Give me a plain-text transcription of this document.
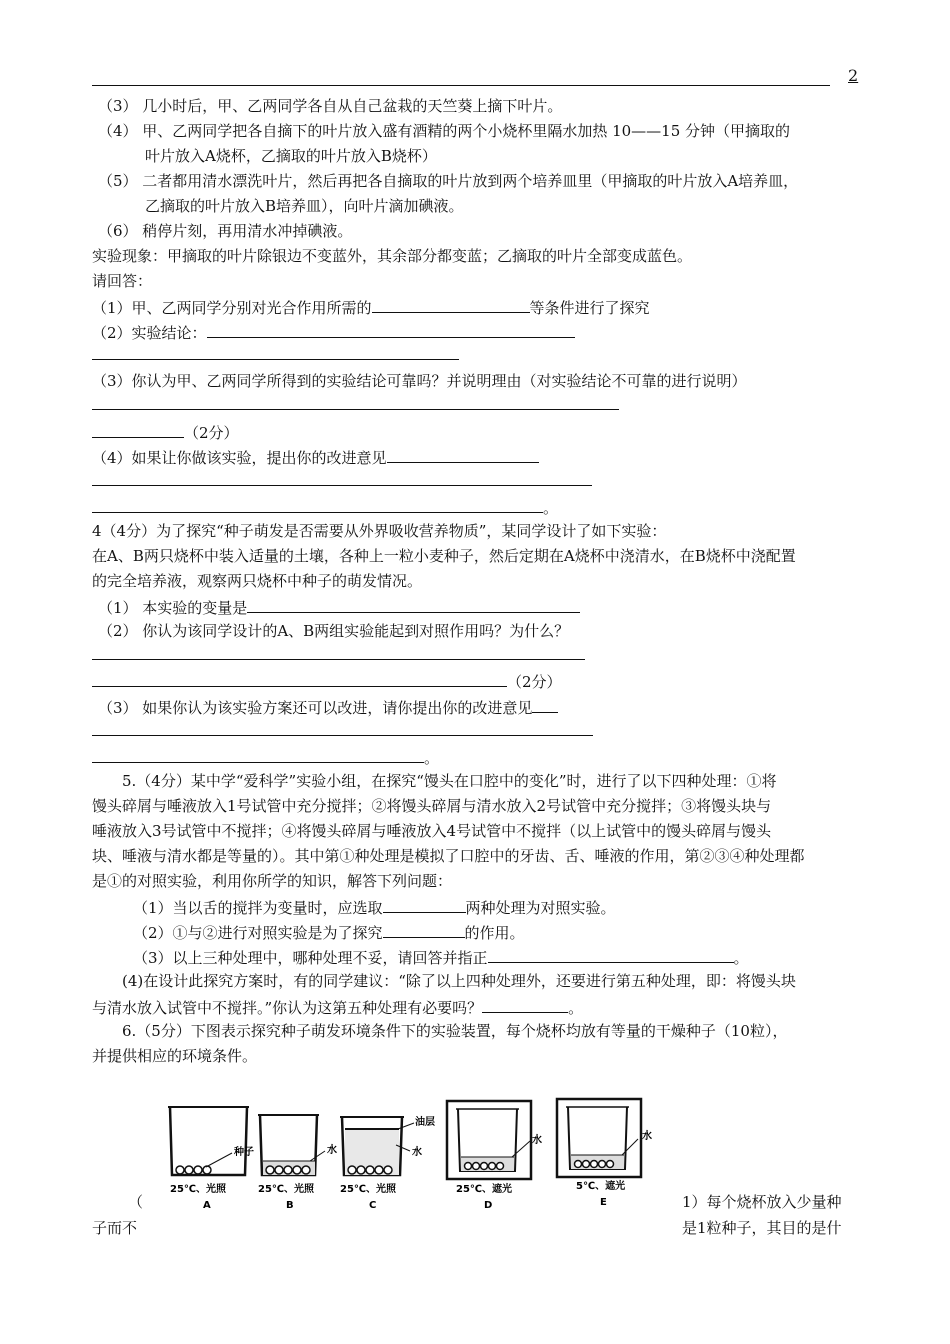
2
（3） 几小时后，甲、乙两同学各自从自己盆栽的天竺葵上摘下叶片。
（4） 甲、乙两同学把各自摘下的叶片放入盛有酒精的两个小烧杯里隔水加热 10——15 分钟（甲摘取的
叶片放入A烧杯，乙摘取的叶片放入B烧杯）
（5） 二者都用清水漂洗叶片，然后再把各自摘取的叶片放到两个培养皿里（甲摘取的叶片放入A培养皿，
乙摘取的叶片放入B培养皿），向叶片滴加碘液。
（6） 稍停片刻，再用清水冲掉碘液。
实验现象：甲摘取的叶片除银边不变蓝外，其余部分都变蓝；乙摘取的叶片全部变成蓝色。
请回答：
（1）甲、乙两同学分别对光合作用所需的	等条件进行了探究
（2）实验结论：
（3）你认为甲、乙两同学所得到的实验结论可靠吗？并说明理由（对实验结论不可靠的进行说明）
（2分）
（4）如果让你做该实验，提出你的改进意见
。
4（4分）为了探究“种子萌发是否需要从外界吸收营养物质”，某同学设计了如下实验：
在A、B两只烧杯中装入适量的土壤，各种上一粒小麦种子，然后定期在A烧杯中浇清水，在B烧杯中浇配置
的完全培养液，观察两只烧杯中种子的萌发情况。
（1） 本实验的变量是
（2） 你认为该同学设计的A、B两组实验能起到对照作用吗？为什么？
（2分）
（3） 如果你认为该实验方案还可以改进，请你提出你的改进意见
。
5.（4分）某中学“爱科学”实验小组，在探究“馒头在口腔中的变化”时，进行了以下四种处理：①将
馒头碎屑与唾液放入1号试管中充分搅拌；②将馒头碎屑与清水放入2号试管中充分搅拌；③将馒头块与
唾液放入3号试管中不搅拌；④将馒头碎屑与唾液放入4号试管中不搅拌（以上试管中的馒头碎屑与馒头
块、唾液与清水都是等量的）。其中第①种处理是模拟了口腔中的牙齿、舌、唾液的作用，第②③④种处理都
是①的对照实验，利用你所学的知识，解答下列问题：
（1）当以舌的搅拌为变量时，应选取	两种处理为对照实验。
（2）①与②进行对照实验是为了探究	的作用。
（3）以上三种处理中，哪种处理不妥，请回答并指正	。
(4)在设计此探究方案时，有的同学建议：“除了以上四种处理外，还要进行第五种处理，即：将馒头块
与清水放入试管中不搅拌。”你认为这第五种处理有必要吗？	。
6.（5分）下图表示探究种子萌发环境条件下的实验装置，每个烧杯均放有等量的干燥种子（10粒），
并提供相应的环境条件。
种子
25℃、光照
A
水
25℃、光照
B
油层
水
25℃、光照
C
水
25℃、遮光
D
水
5℃、遮光
E
（
子而不
1）每个烧杯放入少量种
是1粒种子，其目的是什
